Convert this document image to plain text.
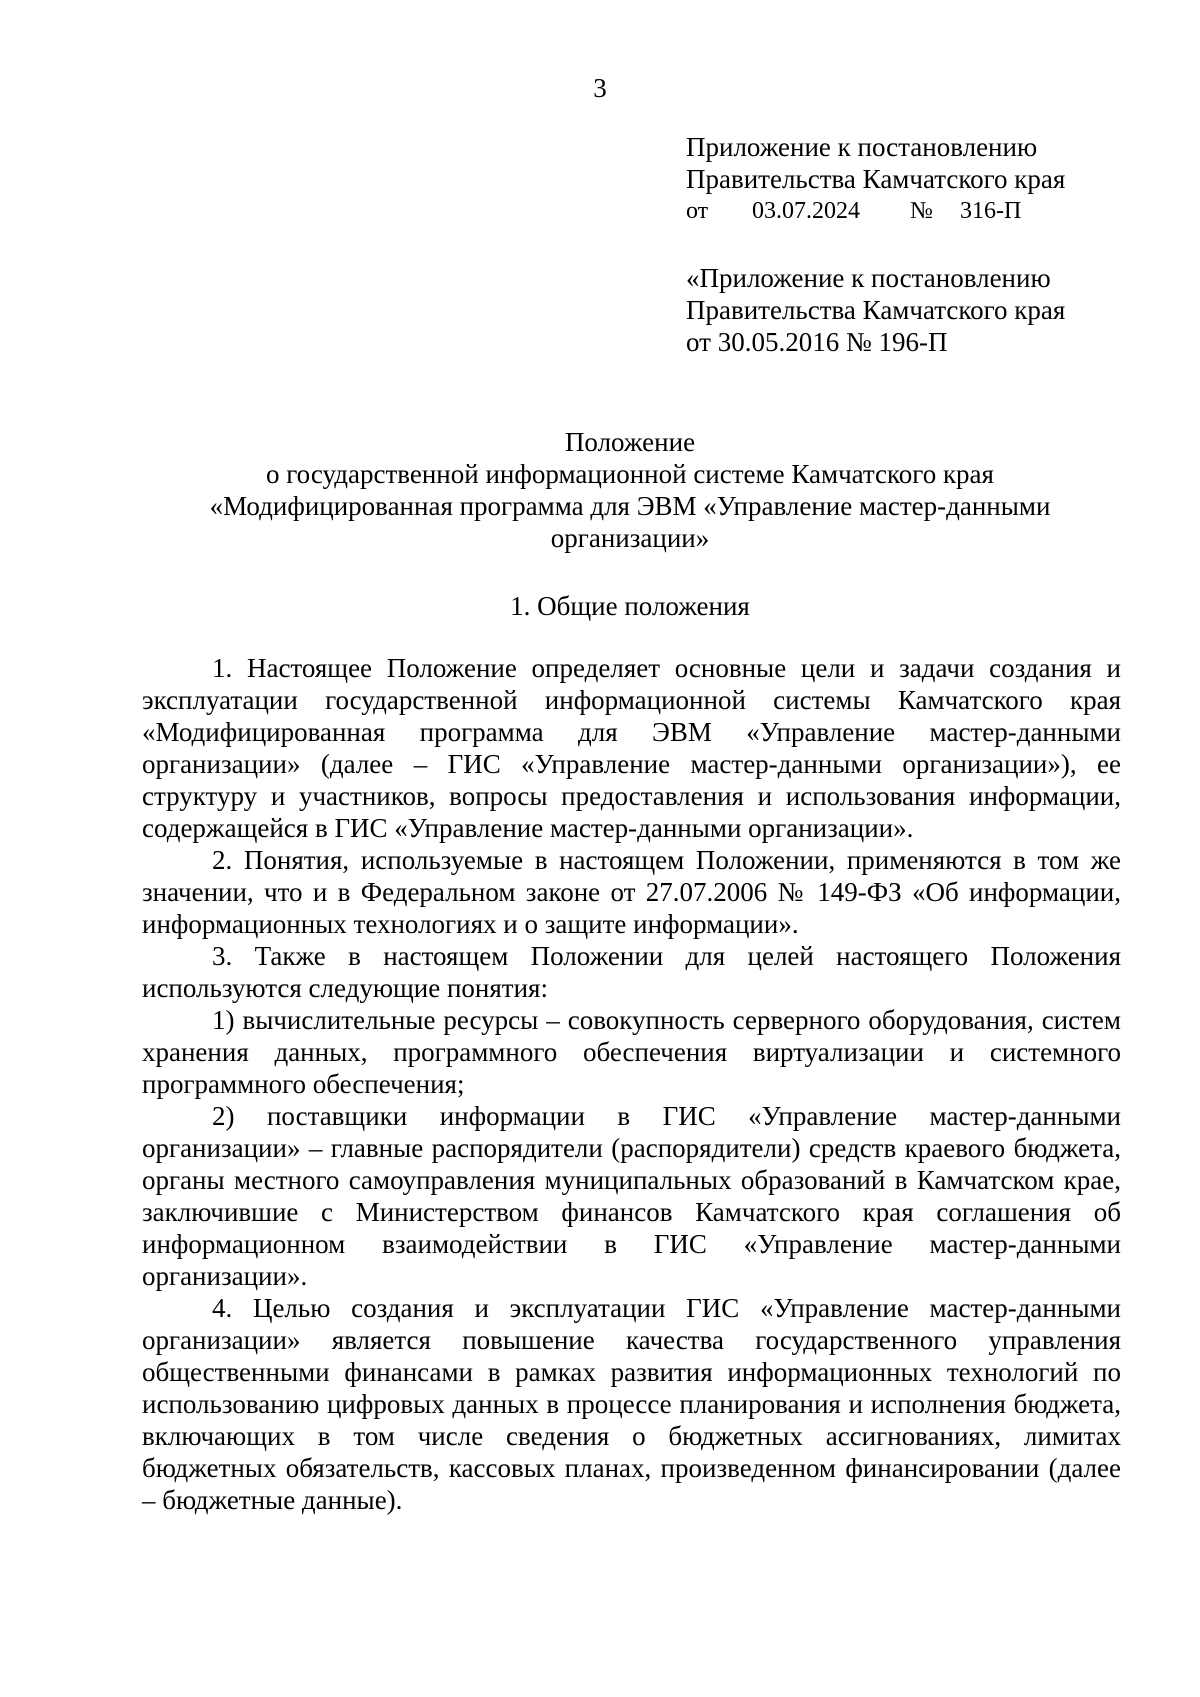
3
Приложение к постановлению
Правительства Камчатского края
от	03.07.2024	№	316-П
«Приложение к постановлению
Правительства Камчатского края
от 30.05.2016 № 196-П
Положение
о государственной информационной системе Камчатского края
«Модифицированная программа для ЭВМ «Управление мастер-данными
организации»
1. Общие положения

1. Настоящее Положение определяет основные цели и задачи создания и эксплуатации государственной информационной системы Камчатского края «Модифицированная программа для ЭВМ «Управление мастер-данными организации» (далее – ГИС «Управление мастер-данными организации»), ее структуру и участников, вопросы предоставления и использования информации, содержащейся в ГИС «Управление мастер-данными организации».

2. Понятия, используемые в настоящем Положении, применяются в том же значении, что и в Федеральном законе от 27.07.2006 № 149-ФЗ «Об информации, информационных технологиях и о защите информации».

3. Также в настоящем Положении для целей настоящего Положения используются следующие понятия:

1) вычислительные ресурсы – совокупность серверного оборудования, систем хранения данных, программного обеспечения виртуализации и системного программного обеспечения;

2) поставщики информации в ГИС «Управление мастер-данными организации» – главные распорядители (распорядители) средств краевого бюджета, органы местного самоуправления муниципальных образований в Камчатском крае, заключившие с Министерством финансов Камчатского края соглашения об информационном взаимодействии в ГИС «Управление мастер-данными организации».

4. Целью создания и эксплуатации ГИС «Управление мастер-данными организации» является повышение качества государственного управления общественными финансами в рамках развития информационных технологий по использованию цифровых данных в процессе планирования и исполнения бюджета, включающих в том числе сведения о бюджетных ассигнованиях, лимитах бюджетных обязательств, кассовых планах, произведенном финансировании (далее – бюджетные данные).
